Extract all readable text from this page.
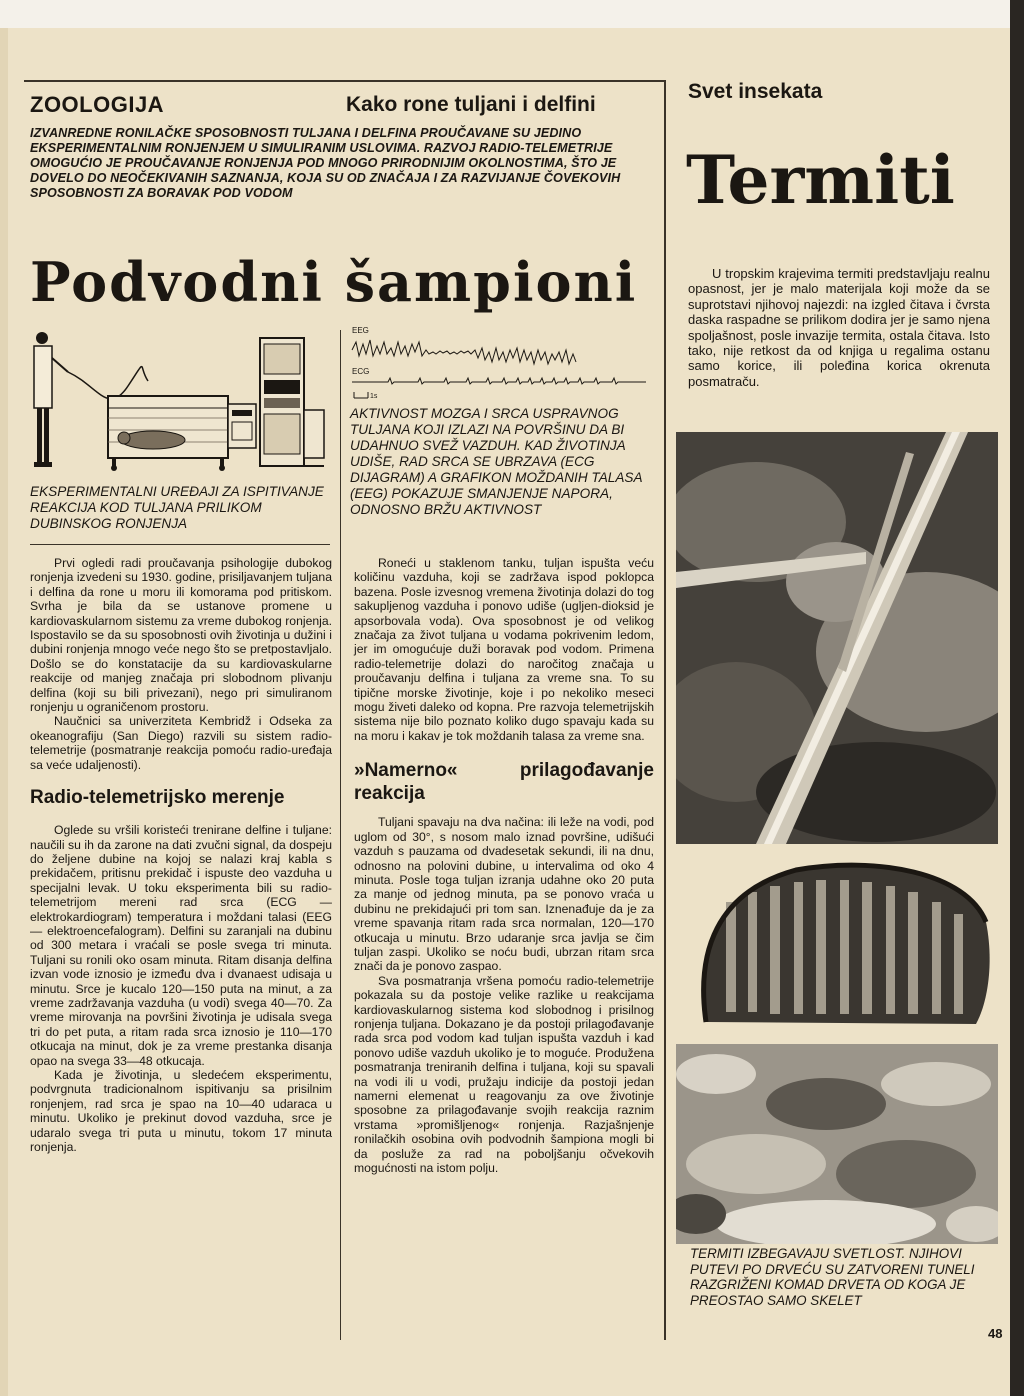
ZOOLOGIJA	Kako rone tuljani i delfini
IZVANREDNE RONILAČKE SPOSOBNOSTI TULJANA I DELFINA PROUČAVANE SU JEDINO EKSPERIMENTALNIM RONJENJEM U SIMULIRANIM USLOVIMA. RAZVOJ RADIO-TELEMETRIJE OMOGUĆIO JE PROUČAVANJE RONJENJA POD MNOGO PRIRODNIJIM OKOLNOSTIMA, ŠTO JE DOVELO DO NEOČEKIVANIH SAZNANJA, KOJA SU OD ZNAČAJA I ZA RAZVIJANJE ČOVEKOVIH SPOSOBNOSTI ZA BORAVAK POD VODOM
Podvodni šampioni
EKSPERIMENTALNI UREĐAJI ZA ISPITIVANJE REAKCIJA KOD TULJANA PRILIKOM DUBINSKOG RONJENJA
EEG
ECG
1s
AKTIVNOST MOZGA I SRCA USPRAVNOG TULJANA KOJI IZLAZI NA POVRŠINU DA BI UDAHNUO SVEŽ VAZDUH. KAD ŽIVOTINJA UDIŠE, RAD SRCA SE UBRZAVA (ECG DIJAGRAM) A GRAFIKON MOŽDANIH TALASA (EEG) POKAZUJE SMANJENJE NAPORA, ODNOSNO BRŽU AKTIVNOST

Prvi ogledi radi proučavanja psihologije dubokog ronjenja izvedeni su 1930. godine, prisiljavanjem tuljana i delfina da rone u moru ili komorama pod pritiskom. Svrha je bila da se ustanove promene u kardiovaskularnom sistemu za vreme dubokog ronjenja. Ispostavilo se da su sposobnosti ovih životinja u dužini i dubini ronjenja mnogo veće nego što se pretpostavljalo. Došlo se do konstatacije da su kardiovaskularne reakcije od manjeg značaja pri slobodnom plivanju delfina (koji su bili privezani), nego pri simuliranom ronjenju u ograničenom prostoru.

Naučnici sa univerziteta Kembridž i Odseka za okeanografiju (San Diego) razvili su sistem radio-telemetrije (posmatranje reakcija pomoću radio-uređaja sa veće udaljenosti).

Radio-telemetrijsko merenje

Oglede su vršili koristeći trenirane delfine i tuljane: naučili su ih da zarone na dati zvučni signal, da dospeju do željene dubine na kojoj se nalazi kraj kabla s prekidačem, pritisnu prekidač i ispuste deo vazduha u specijalni levak. U toku eksperimenta bili su radio-telemetrijom mereni rad srca (ECG — elektrokardiogram) temperatura i moždani talasi (EEG — elektroencefalogram). Delfini su zaranjali na dubinu od 300 metara i vraćali se posle svega tri minuta. Tuljani su ronili oko osam minuta. Ritam disanja delfina izvan vode iznosio je između dva i dvanaest udisaja u minutu. Srce je kucalo 120—150 puta na minut, a za vreme zadržavanja vazduha (u vodi) svega 40—70. Za vreme mirovanja na površini životinja je udisala svega tri do pet puta, a ritam rada srca iznosio je 110—170 otkucaja na minut, dok je za vreme prestanka disanja opao na svega 33—48 otkucaja.

Kada je životinja, u sledećem eksperimentu, podvrgnuta tradicionalnom ispitivanju sa prisilnim ronjenjem, rad srca je spao na 10—40 udaraca u minutu. Ukoliko je prekinut dovod vazduha, srce je udaralo svega tri puta u minutu, tokom 17 minuta ronjenja.

Roneći u staklenom tanku, tuljan ispušta veću količinu vazduha, koji se zadržava ispod poklopca bazena. Posle izvesnog vremena životinja dolazi do tog sakupljenog vazduha i ponovo udiše (ugljen-dioksid je apsorbovala voda). Ova sposobnost je od velikog značaja za život tuljana u vodama pokrivenim ledom, jer im omogućuje duži boravak pod vodom. Primena radio-telemetrije dolazi do naročitog značaja u proučavanju delfina i tuljana za vreme sna. To su tipične morske životinje, koje i po nekoliko meseci mogu živeti daleko od kopna. Pre razvoja telemetrijskih sistema nije bilo poznato koliko dugo spavaju kada su na moru i kakav je tok moždanih talasa za vreme sna.

»Namerno« prilagođavanje reakcija

Tuljani spavaju na dva načina: ili leže na vodi, pod uglom od 30°, s nosom malo iznad površine, udišući vazduh s pauzama od dvadesetak sekundi, ili na dnu, odnosno na polovini dubine, u intervalima od oko 4 minuta. Posle toga tuljan izranja udahne oko 20 puta za manje od jednog minuta, pa se ponovo vraća u dubinu ne prekidajući pri tom san. Iznenađuje da je za vreme spavanja ritam rada srca normalan, 120—170 otkucaja u minutu. Brzo udaranje srca javlja se čim tuljan zaspi. Ukoliko se noću budi, ubrzan ritam srca znači da je ponovo zaspao.

Sva posmatranja vršena pomoću radio-telemetrije pokazala su da postoje velike razlike u reakcijama kardiovaskularnog sistema kod slobodnog i prisilnog ronjenja tuljana. Dokazano je da postoji prilagođavanje rada srca pod vodom kad tuljan ispušta vazduh i kad ponovo udiše vazduh ukoliko je to moguće. Produžena posmatranja treniranih delfina i tuljana, koji su spavali na vodi ili u vodi, pružaju indicije da postoji jedan namerni elemenat u reagovanju za ove životinje sposobne za prilagođavanje svojih reakcija raznim vrstama »promišljenog« ronjenja. Razjašnjenje ronilačkih osobina ovih podvodnih šampiona mogli bi da posluže za rad na poboljšanju očvekovih mogućnosti na istom polju.

Svet insekata
Termiti

U tropskim krajevima termiti predstavljaju realnu opasnost, jer je malo materijala koji može da se suprotstavi njihovoj najezdi: na izgled čitava i čvrsta daska raspadne se prilikom dodira jer je samo njena spoljašnost, posle invazije termita, ostala čitava. Isto tako, nije retkost da od knjiga u regalima ostanu samo korice, ili poleđina korica okrenuta posmatraču.

TERMITI IZBEGAVAJU SVETLOST. NJIHOVI PUTEVI PO DRVEĆU SU ZATVORENI TUNELI RAZGRIŽENI KOMAD DRVETA OD KOGA JE PREOSTAO SAMO SKELET
48
